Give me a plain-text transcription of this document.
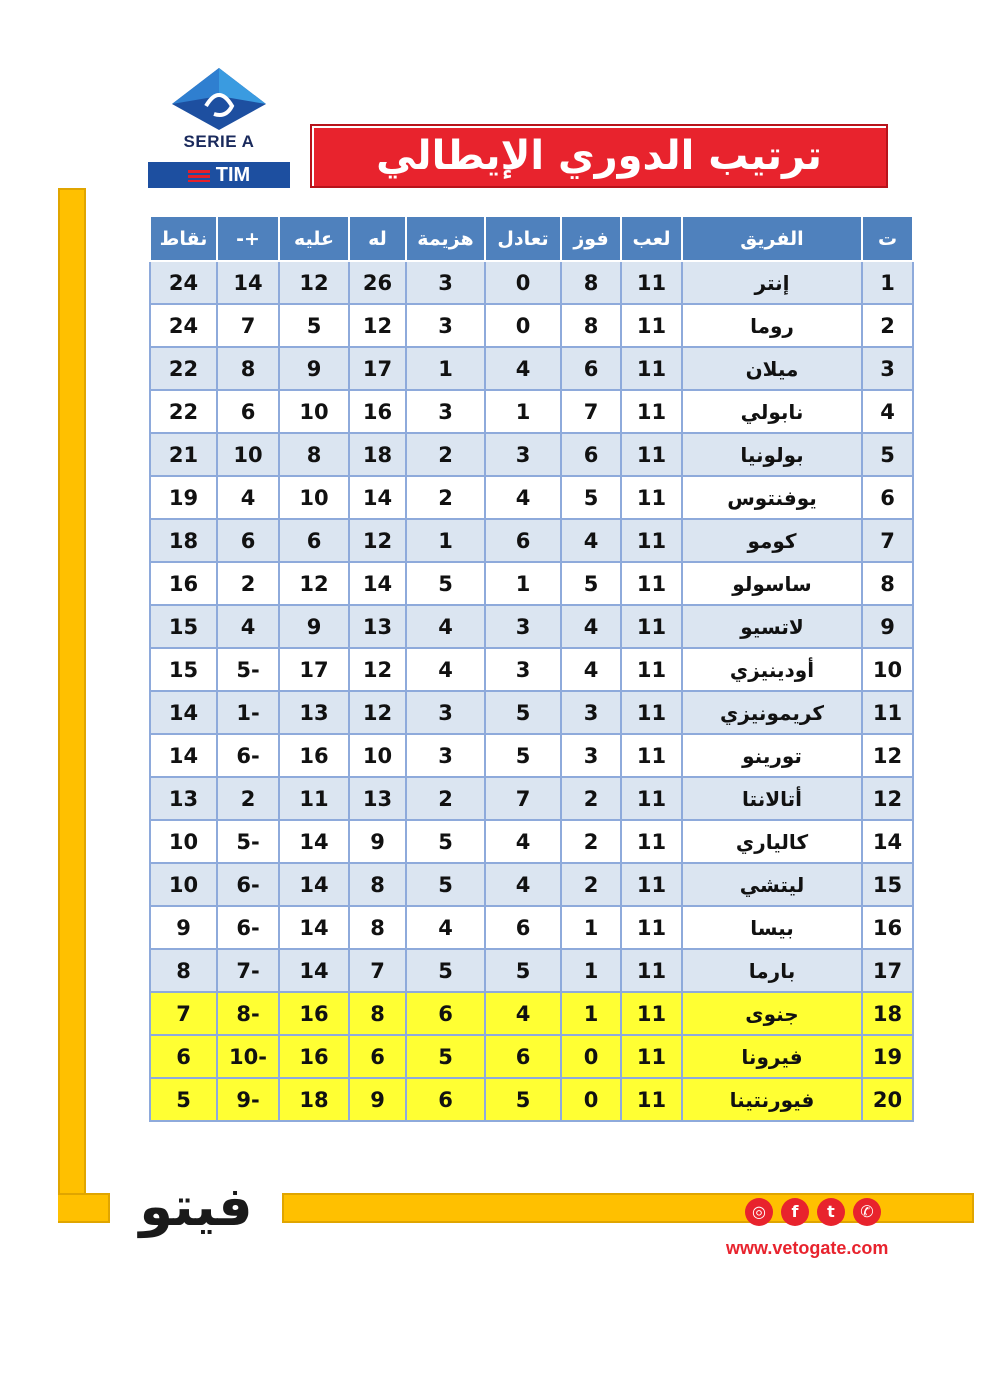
SERIE A
TIM	ترتيب الدوري الإيطالي
ت	الفريق	لعب	فوز	تعادل	هزيمة	له	عليه	+-	نقاط
1	إنتر	11	8	0	3	26	12	14	24
2	روما	11	8	0	3	12	5	7	24
3	ميلان	11	6	4	1	17	9	8	22
4	نابولي	11	7	1	3	16	10	6	22
5	بولونيا	11	6	3	2	18	8	10	21
6	يوفنتوس	11	5	4	2	14	10	4	19
7	كومو	11	4	6	1	12	6	6	18
8	ساسولو	11	5	1	5	14	12	2	16
9	لاتسيو	11	4	3	4	13	9	4	15
10	أودينيزي	11	4	3	4	12	17	-5	15
11	كريمونيزي	11	3	5	3	12	13	-1	14
12	تورينو	11	3	5	3	10	16	-6	14
12	أتالانتا	11	2	7	2	13	11	2	13
14	كالياري	11	2	4	5	9	14	-5	10
15	ليتشي	11	2	4	5	8	14	-6	10
16	بيسا	11	1	6	4	8	14	-6	9
17	بارما	11	1	5	5	7	14	-7	8
18	جنوى	11	1	4	6	8	16	-8	7
19	فيرونا	11	0	6	5	6	16	-10	6
20	فيورنتينا	11	0	5	6	9	18	-9	5
فيتو	◎	f	t	✆
www.vetogate.com
